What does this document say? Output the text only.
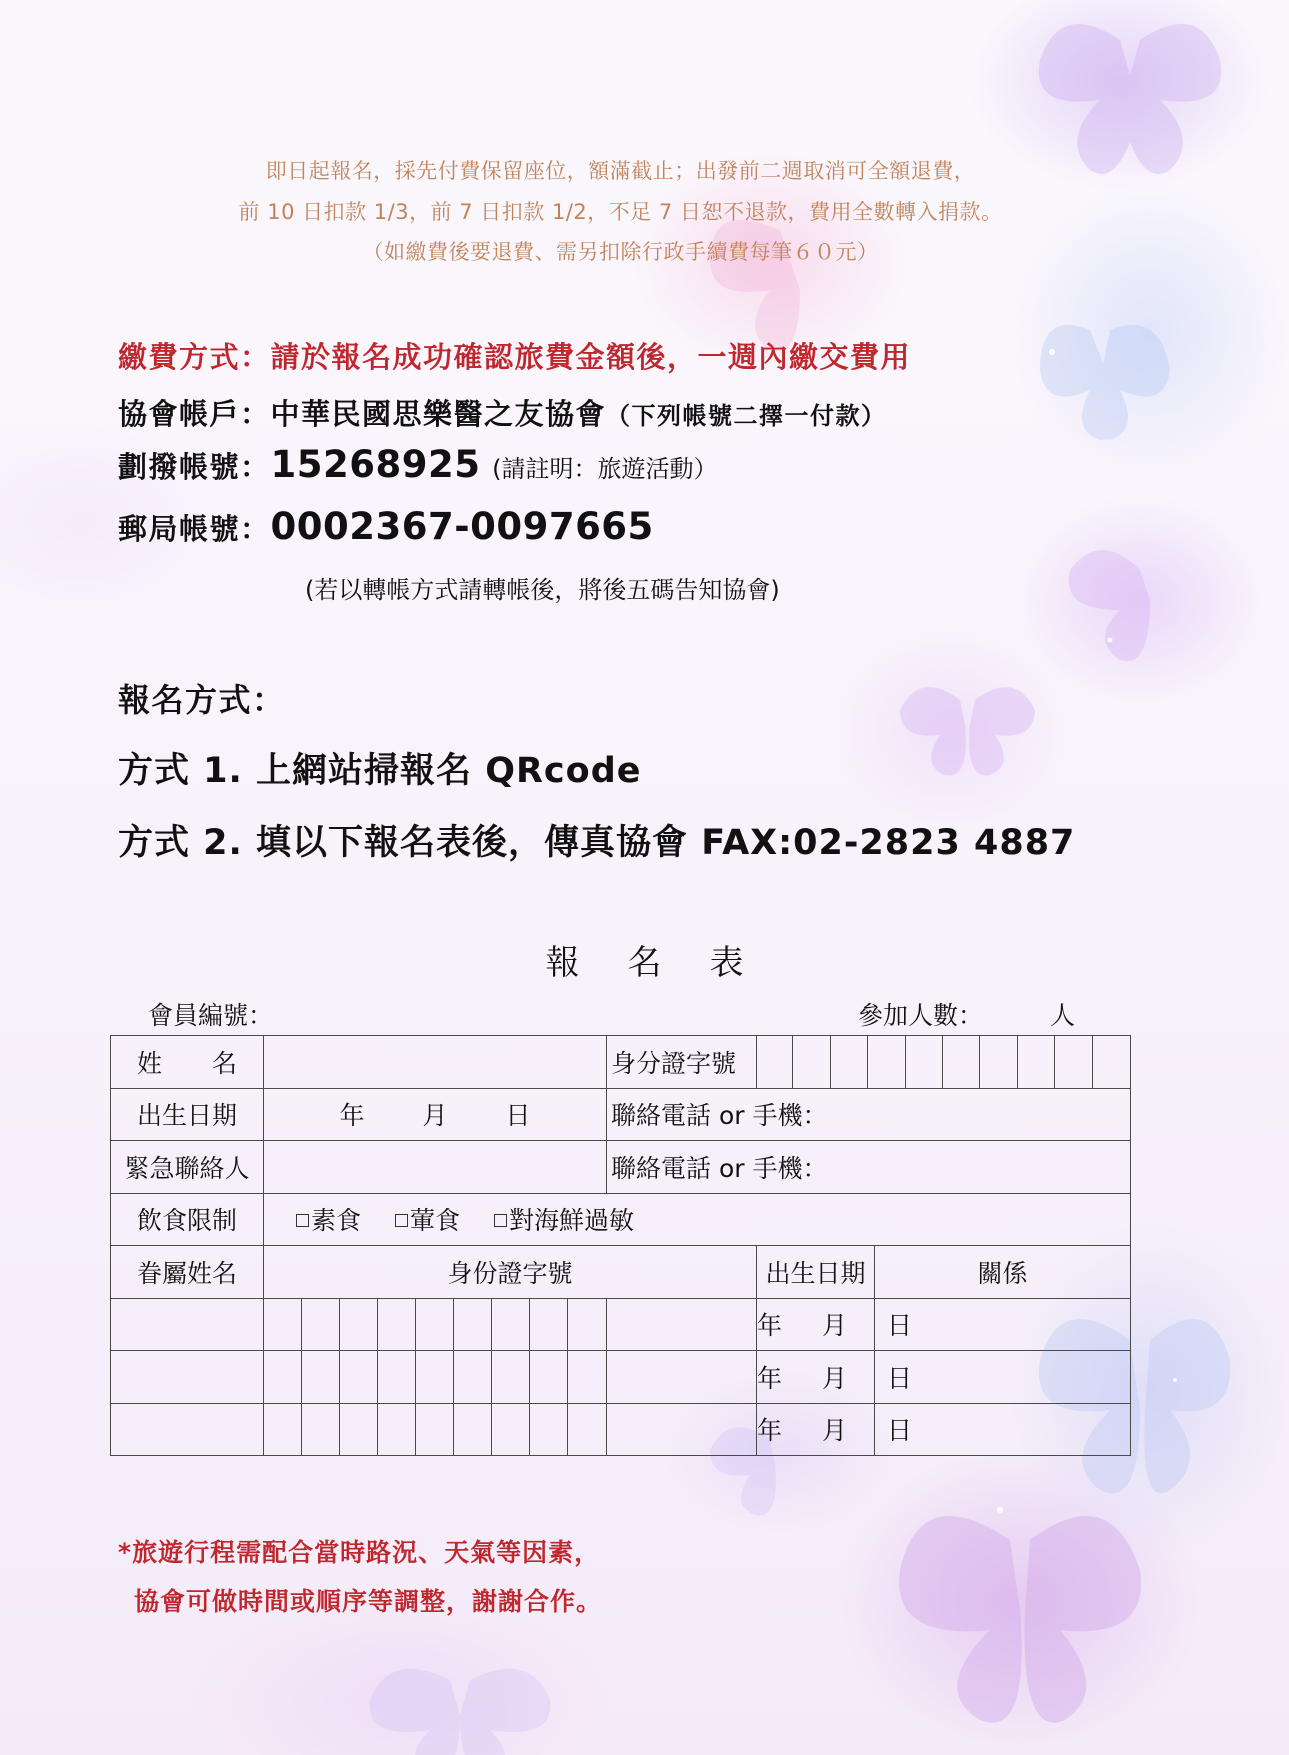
即日起報名，採先付費保留座位，額滿截止；出發前二週取消可全額退費，
前 10 日扣款 1/3，前 7 日扣款 1/2，不足 7 日恕不退款，費用全數轉入捐款。
（如繳費後要退費、需另扣除行政手續費每筆６０元）
繳費方式：請於報名成功確認旅費金額後，一週內繳交費用
協會帳戶：中華民國思樂醫之友協會（下列帳號二擇一付款）
劃撥帳號：15268925 (請註明：旅遊活動）
郵局帳號：0002367-0097665
(若以轉帳方式請轉帳後，將後五碼告知協會)
報名方式：
方式 1. 上網站掃報名 QRcode
方式 2. 填以下報名表後，傳真協會 FAX:02-2823 4887
報名表
會員編號：	參加人數：	人
姓　　名										身分證字號		

出生日期	年 月 日									聯絡電話 or 手機：		
緊急聯絡人										聯絡電話 or 手機：		
飲食限制	素食 葷食 對海鮮過敏											
眷屬姓名	身份證字號										出生日期	關係
											年 月 日	
											年 月 日	
											年 月 日	
*旅遊行程需配合當時路況、天氣等因素，
協會可做時間或順序等調整，謝謝合作。
